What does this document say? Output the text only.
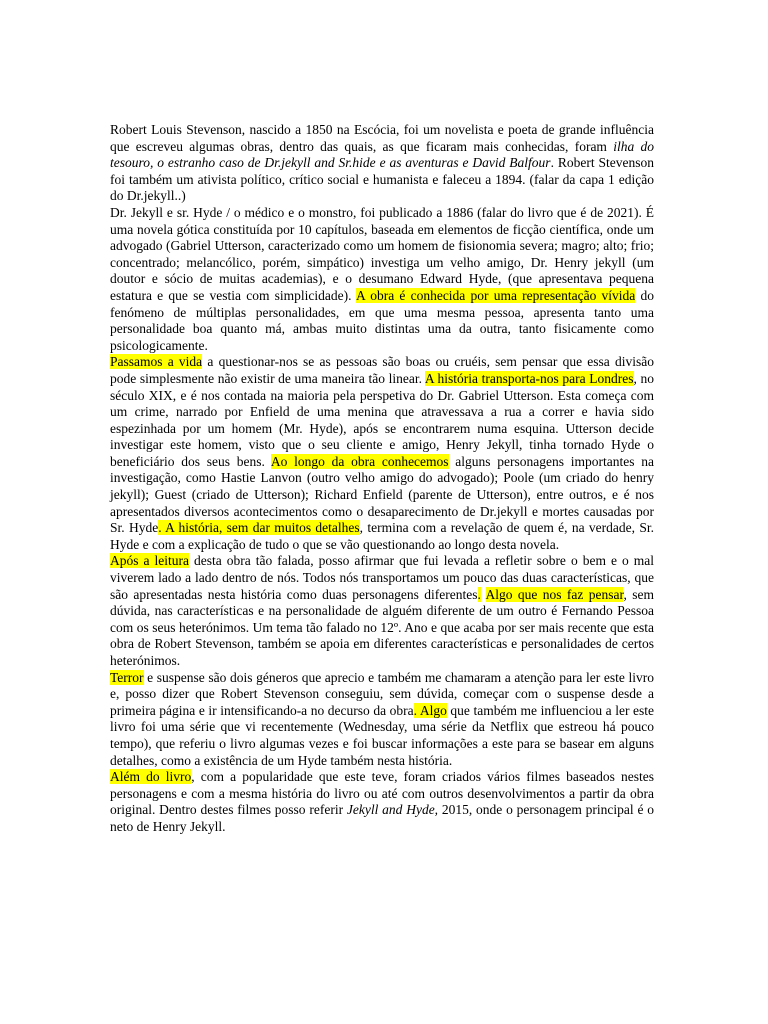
Robert Louis Stevenson, nascido a 1850 na Escócia, foi um novelista e poeta de grande influência que escreveu algumas obras, dentro das quais, as que ficaram mais conhecidas, foram ilha do tesouro, o estranho caso de Dr.jekyll and Sr.hide e as aventuras e David Balfour. Robert Stevenson foi também um ativista político, crítico social e humanista e faleceu a 1894. (falar da capa 1 edição do Dr.jekyll..)

Dr. Jekyll e sr. Hyde / o médico e o monstro, foi publicado a 1886 (falar do livro que é de 2021). É uma novela gótica constituída por 10 capítulos, baseada em elementos de ficção científica, onde um advogado (Gabriel Utterson, caracterizado como um homem de fisionomia severa; magro; alto; frio; concentrado; melancólico, porém, simpático) investiga um velho amigo, Dr. Henry jekyll (um doutor e sócio de muitas academias), e o desumano Edward Hyde, (que apresentava pequena estatura e que se vestia com simplicidade). A obra é conhecida por uma representação vívida do fenómeno de múltiplas personalidades, em que uma mesma pessoa, apresenta tanto uma personalidade boa quanto má, ambas muito distintas uma da outra, tanto fisicamente como psicologicamente.

Passamos a vida a questionar-nos se as pessoas são boas ou cruéis, sem pensar que essa divisão pode simplesmente não existir de uma maneira tão linear. A história transporta-nos para Londres, no século XIX, e é nos contada na maioria pela perspetiva do Dr. Gabriel Utterson. Esta começa com um crime, narrado por Enfield de uma menina que atravessava a rua a correr e havia sido espezinhada por um homem (Mr. Hyde), após se encontrarem numa esquina. Utterson decide investigar este homem, visto que o seu cliente e amigo, Henry Jekyll, tinha tornado Hyde o beneficiário dos seus bens. Ao longo da obra conhecemos alguns personagens importantes na investigação, como Hastie Lanvon (outro velho amigo do advogado); Poole (um criado do henry jekyll); Guest (criado de Utterson); Richard Enfield (parente de Utterson), entre outros, e é nos apresentados diversos acontecimentos como o desaparecimento de Dr.jekyll e mortes causadas por Sr. Hyde. A história, sem dar muitos detalhes, termina com a revelação de quem é, na verdade, Sr. Hyde e com a explicação de tudo o que se vão questionando ao longo desta novela.

Após a leitura desta obra tão falada, posso afirmar que fui levada a refletir sobre o bem e o mal viverem lado a lado dentro de nós. Todos nós transportamos um pouco das duas características, que são apresentadas nesta história como duas personagens diferentes. Algo que nos faz pensar, sem dúvida, nas características e na personalidade de alguém diferente de um outro é Fernando Pessoa com os seus heterónimos. Um tema tão falado no 12º. Ano e que acaba por ser mais recente que esta obra de Robert Stevenson, também se apoia em diferentes características e personalidades de certos heterónimos.

Terror e suspense são dois géneros que aprecio e também me chamaram a atenção para ler este livro e, posso dizer que Robert Stevenson conseguiu, sem dúvida, começar com o suspense desde a primeira página e ir intensificando-a no decurso da obra. Algo que também me influenciou a ler este livro foi uma série que vi recentemente (Wednesday, uma série da Netflix que estreou há pouco tempo), que referiu o livro algumas vezes e foi buscar informações a este para se basear em alguns detalhes, como a existência de um Hyde também nesta história.

Além do livro, com a popularidade que este teve, foram criados vários filmes baseados nestes personagens e com a mesma história do livro ou até com outros desenvolvimentos a partir da obra original. Dentro destes filmes posso referir Jekyll and Hyde, 2015, onde o personagem principal é o neto de Henry Jekyll.
